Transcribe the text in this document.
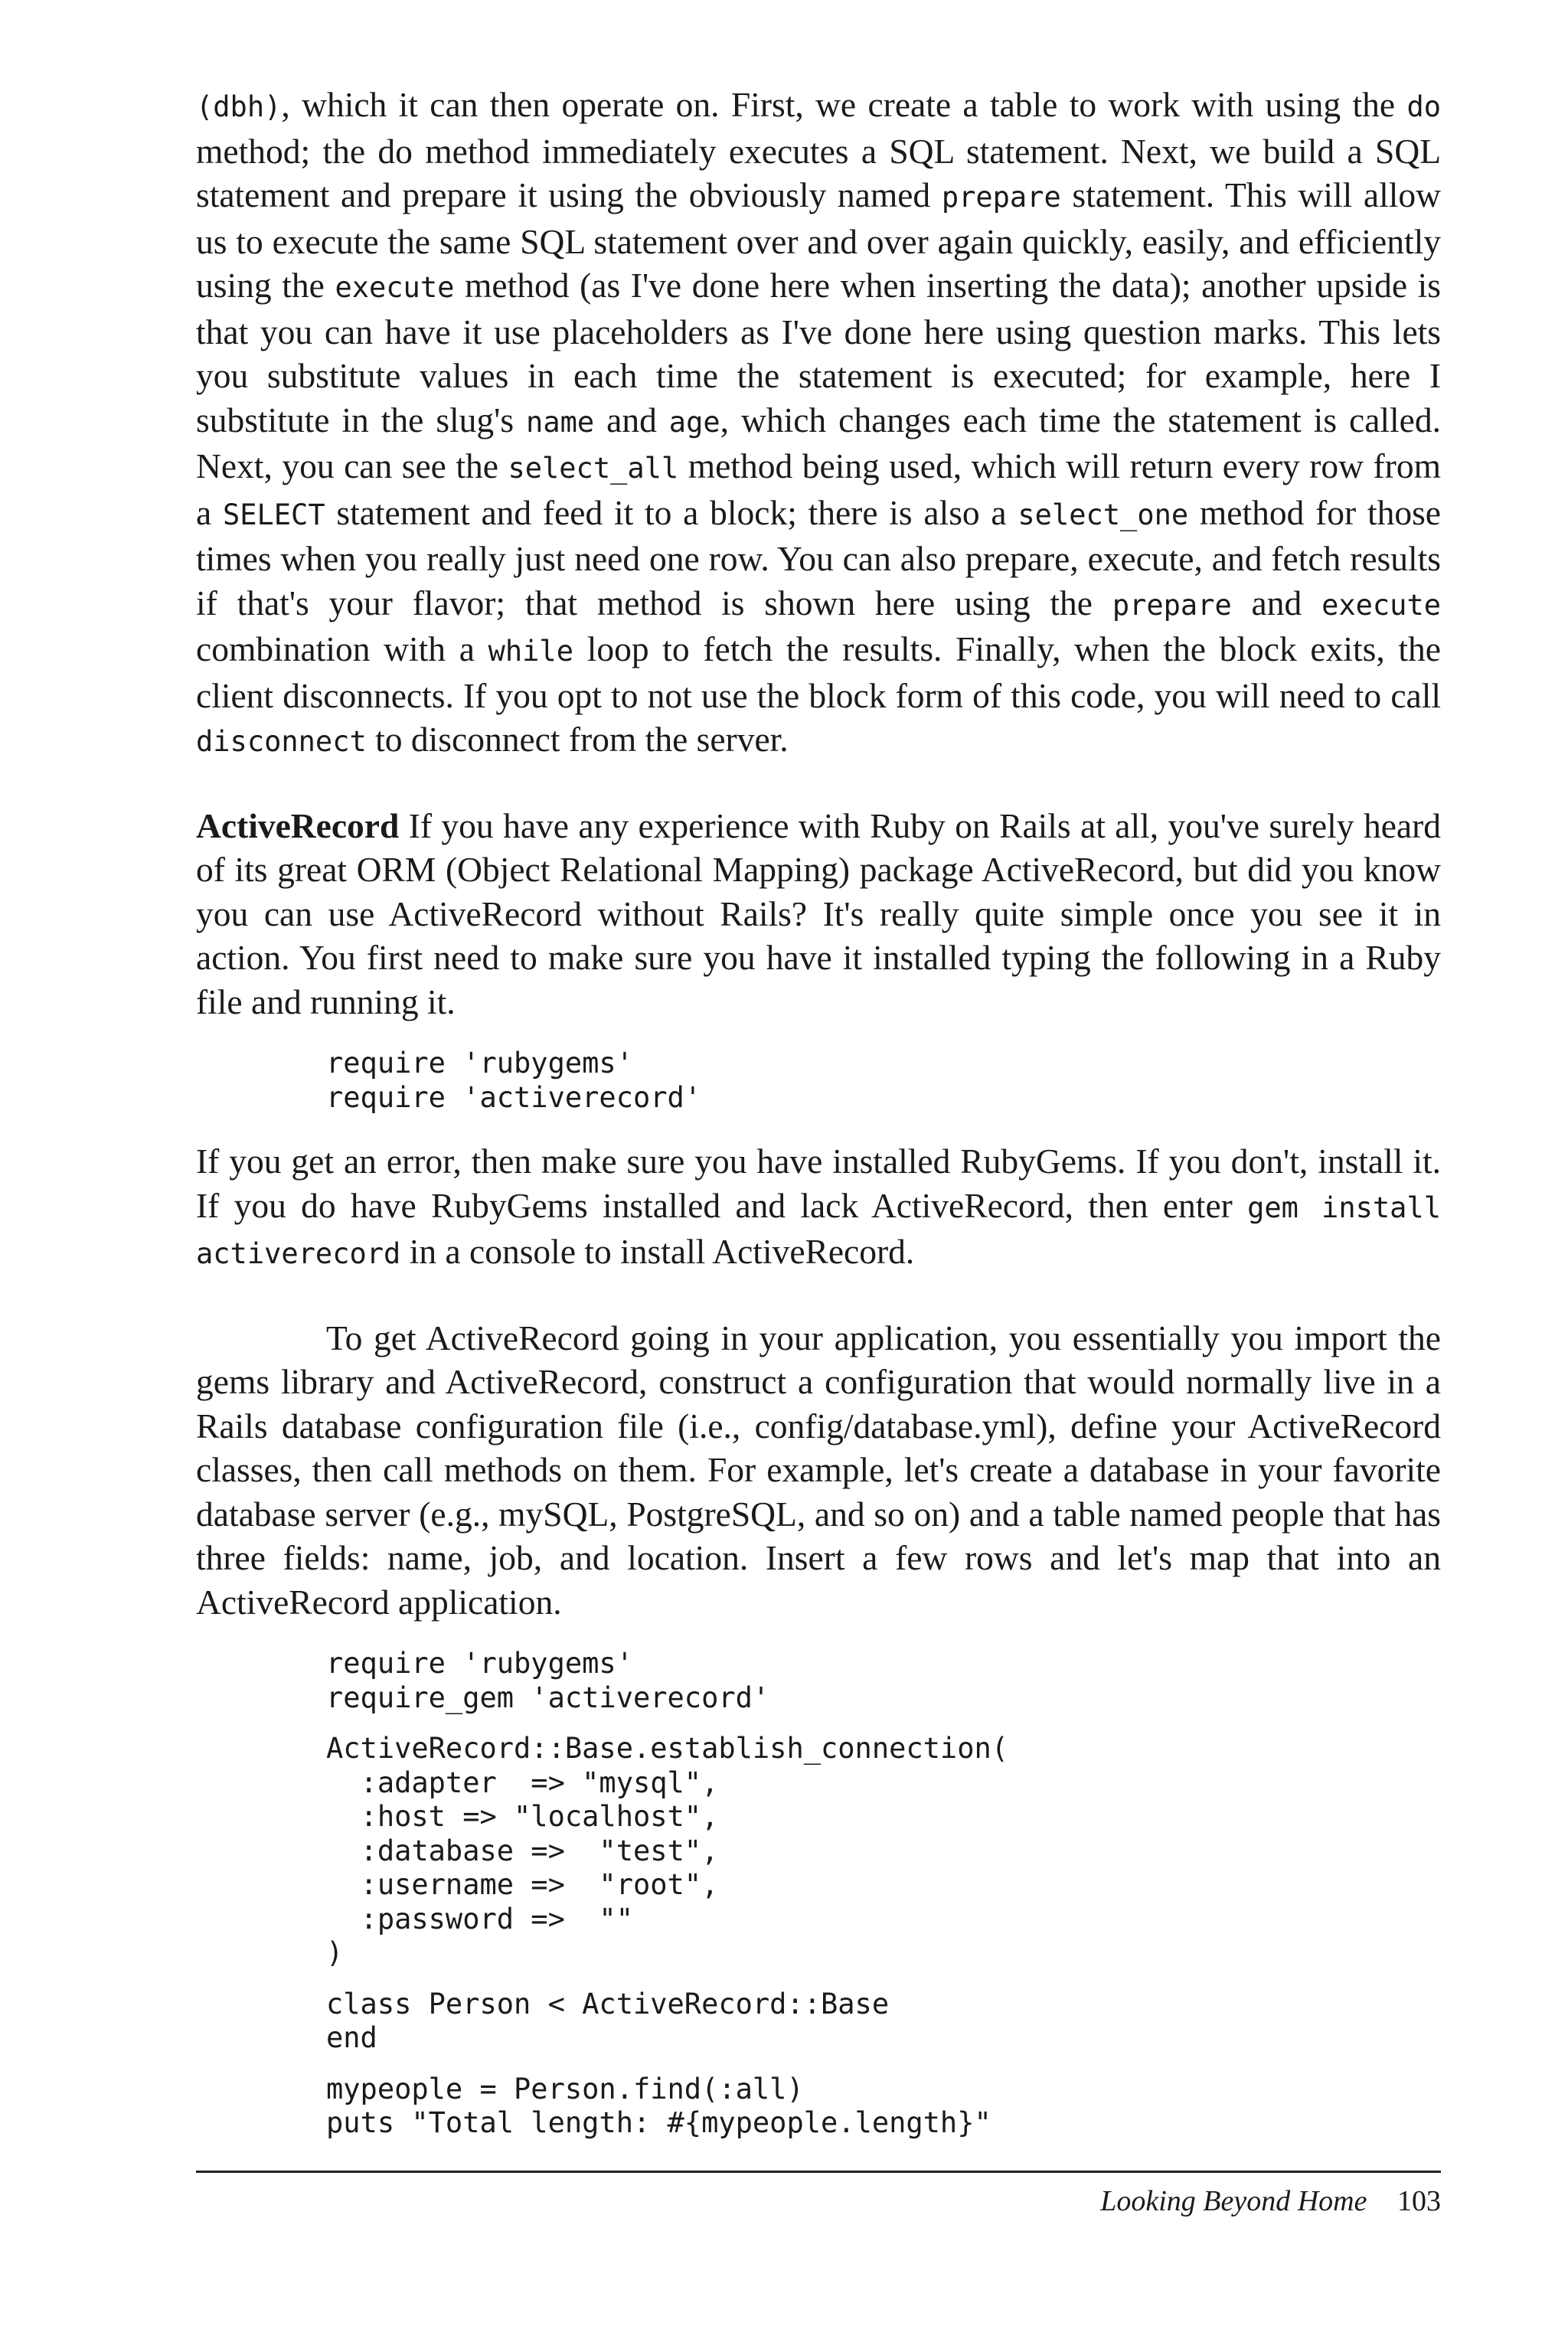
(dbh), which it can then operate on. First, we create a table to work with using the do method; the do method immediately executes a SQL statement. Next, we build a SQL statement and prepare it using the obviously named prepare statement. This will allow us to execute the same SQL statement over and over again quickly, easily, and efficiently using the execute method (as I've done here when inserting the data); another upside is that you can have it use placeholders as I've done here using question marks. This lets you substitute values in each time the statement is executed; for example, here I substitute in the slug's name and age, which changes each time the statement is called. Next, you can see the select_all method being used, which will return every row from a SELECT statement and feed it to a block; there is also a select_one method for those times when you really just need one row. You can also prepare, execute, and fetch results if that's your flavor; that method is shown here using the prepare and execute combination with a while loop to fetch the results. Finally, when the block exits, the client disconnects. If you opt to not use the block form of this code, you will need to call disconnect to disconnect from the server.

ActiveRecord If you have any experience with Ruby on Rails at all, you've surely heard of its great ORM (Object Relational Mapping) package ActiveRecord, but did you know you can use ActiveRecord without Rails? It's really quite simple once you see it in action. You first need to make sure you have it installed typing the following in a Ruby file and running it.

require 'rubygems'
require 'activerecord'

If you get an error, then make sure you have installed RubyGems. If you don't, install it. If you do have RubyGems installed and lack ActiveRecord, then enter gem install activerecord in a console to install ActiveRecord.

To get ActiveRecord going in your application, you essentially you import the gems library and ActiveRecord, construct a configuration that would normally live in a Rails database configuration file (i.e., config/database.yml), define your ActiveRecord classes, then call methods on them. For example, let's create a database in your favorite database server (e.g., mySQL, PostgreSQL, and so on) and a table named people that has three fields: name, job, and location. Insert a few rows and let's map that into an ActiveRecord application.

require 'rubygems'
require_gem 'activerecord'
ActiveRecord::Base.establish_connection(
:adapter  => "mysql",
:host => "localhost",
:database =>  "test",
:username =>  "root",
:password =>  ""
)
class Person < ActiveRecord::Base
end
mypeople = Person.find(:all)
puts "Total length: #{mypeople.length}"
Looking Beyond Home 103
